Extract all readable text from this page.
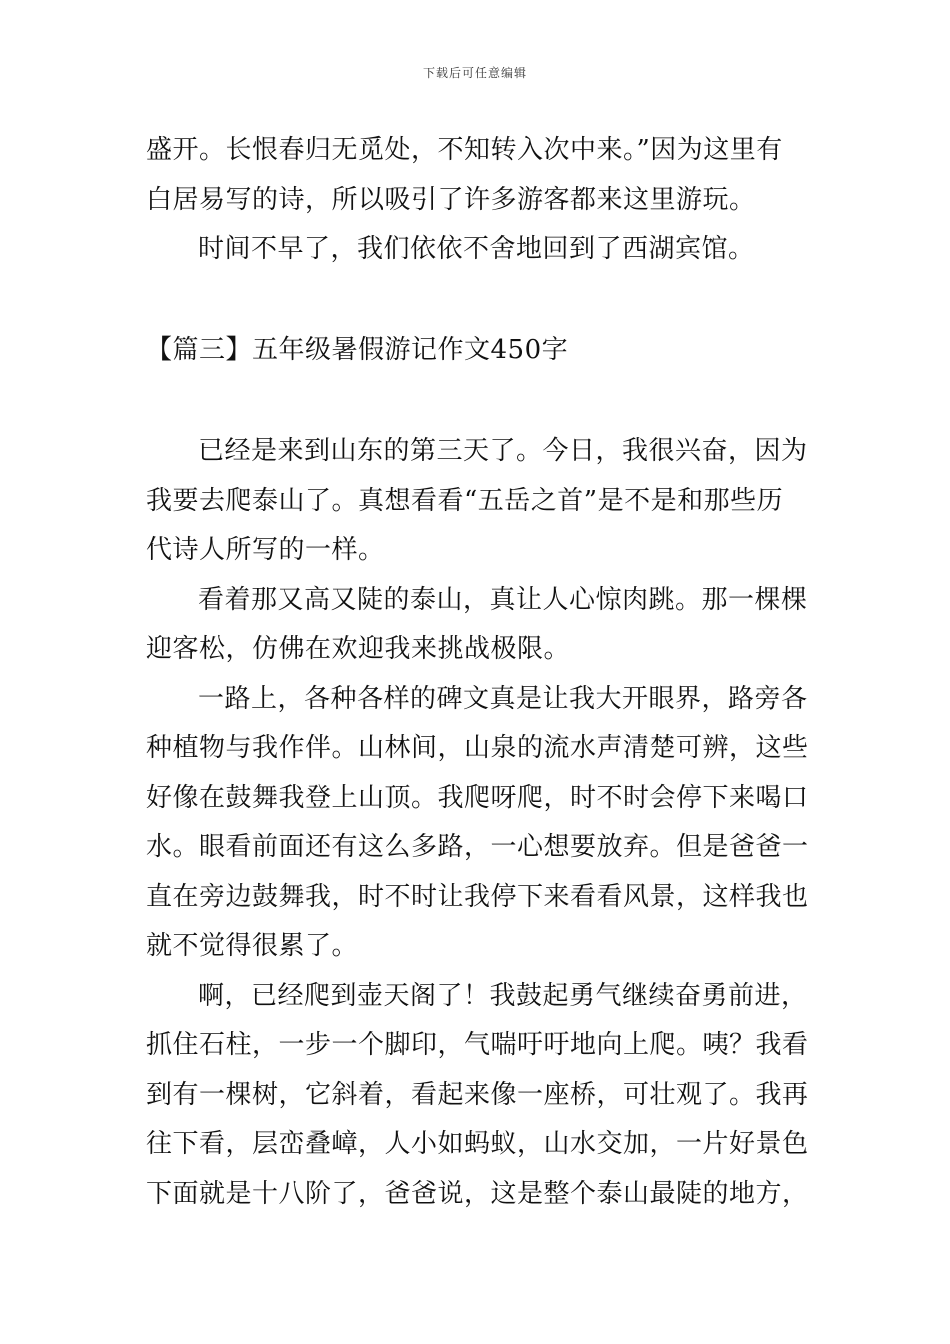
下载后可任意编辑
盛开。长恨春归无觅处，不知转入次中来。”因为这里有
白居易写的诗，所以吸引了许多游客都来这里游玩。
时间不早了，我们依依不舍地回到了西湖宾馆。
【篇三】五年级暑假游记作文450字
已经是来到山东的第三天了。今日，我很兴奋，因为
我要去爬泰山了。真想看看“五岳之首”是不是和那些历
代诗人所写的一样。
看着那又高又陡的泰山，真让人心惊肉跳。那一棵棵
迎客松，仿佛在欢迎我来挑战极限。
一路上，各种各样的碑文真是让我大开眼界，路旁各
种植物与我作伴。山林间，山泉的流水声清楚可辨，这些
好像在鼓舞我登上山顶。我爬呀爬，时不时会停下来喝口
水。眼看前面还有这么多路，一心想要放弃。但是爸爸一
直在旁边鼓舞我，时不时让我停下来看看风景，这样我也
就不觉得很累了。
啊，已经爬到壶天阁了！我鼓起勇气继续奋勇前进，
抓住石柱，一步一个脚印，气喘吁吁地向上爬。咦？我看
到有一棵树，它斜着，看起来像一座桥，可壮观了。我再
往下看，层峦叠嶂，人小如蚂蚁，山水交加，一片好景色
下面就是十八阶了，爸爸说，这是整个泰山最陡的地方，
